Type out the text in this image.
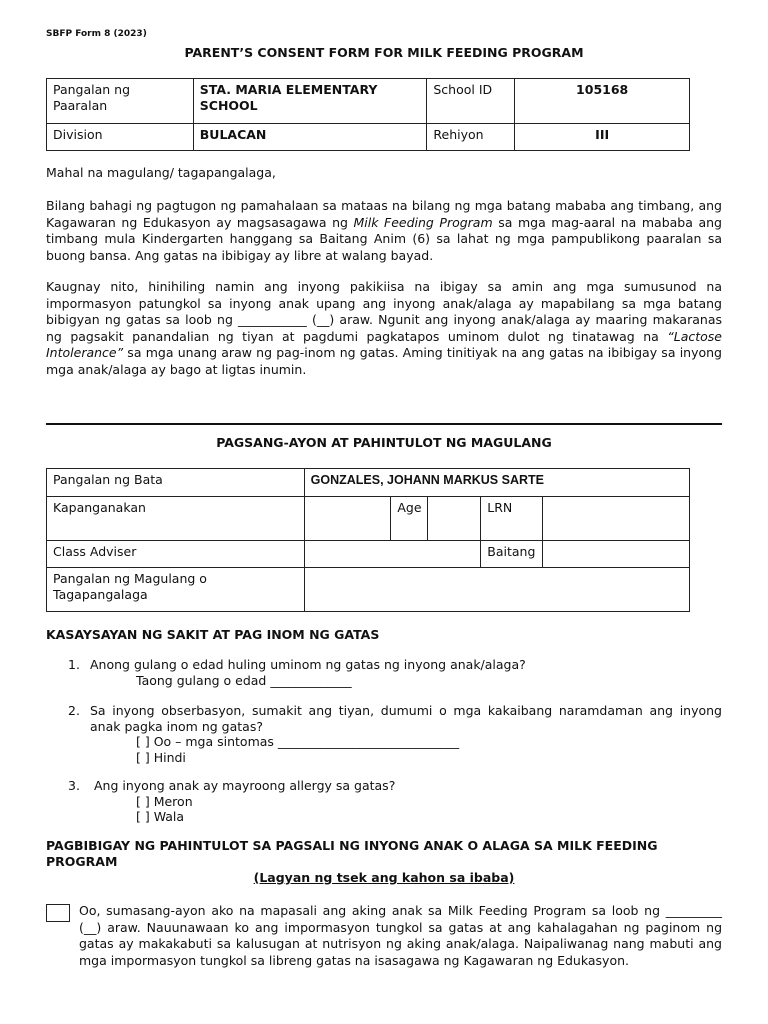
SBFP Form 8 (2023)
PARENT’S CONSENT FORM FOR MILK FEEDING PROGRAM
Pangalan ng Paaralan	STA. MARIA ELEMENTARY SCHOOL	School ID	105168
Division	BULACAN	Rehiyon	III

Mahal na magulang/ tagapangalaga,

Bilang bahagi ng pagtugon ng pamahalaan sa mataas na bilang ng mga batang mababa ang timbang, ang Kagawaran ng Edukasyon ay magsasagawa ng Milk Feeding Program sa mga mag-aaral na mababa ang timbang mula Kindergarten hanggang sa Baitang Anim (6) sa lahat ng mga pampublikong paaralan sa buong bansa. Ang gatas na ibibigay ay libre at walang bayad.

Kaugnay nito, hinihiling namin ang inyong pakikiisa na ibigay sa amin ang mga sumusunod na impormasyon patungkol sa inyong anak upang ang inyong anak/alaga ay mapabilang sa mga batang bibigyan ng gatas sa loob ng ___________ (__) araw. Ngunit ang inyong anak/alaga ay maaring makaranas ng pagsakit panandalian ng tiyan at pagdumi pagkatapos uminom dulot ng tinatawag na “Lactose Intolerance” sa mga unang araw ng pag-inom ng gatas. Aming tinitiyak na ang gatas na ibibigay sa inyong mga anak/alaga ay bago at ligtas inumin.

PAGSANG-AYON AT PAHINTULOT NG MAGULANG
Pangalan ng Bata	GONZALES, JOHANN MARKUS SARTE				
Kapanganakan		Age		LRN	
Class Adviser				Baitang	
Pangalan ng Magulang o Tagapangalaga					
KASAYSAYAN NG SAKIT AT PAG INOM NG GATAS
1. Anong gulang o edad huling uminom ng gatas ng inyong anak/alaga?
Taong gulang o edad _____________
2. Sa inyong obserbasyon, sumakit ang tiyan, dumumi o mga kakaibang naramdaman ang inyong anak pagka inom ng gatas?
[ ] Oo – mga sintomas _____________________________
[ ] Hindi
3. Ang inyong anak ay mayroong allergy sa gatas?
[ ] Meron
[ ] Wala
PAGBIBIGAY NG PAHINTULOT SA PAGSALI NG INYONG ANAK O ALAGA SA MILK FEEDING PROGRAM
(Lagyan ng tsek ang kahon sa ibaba)
Oo, sumasang-ayon ako na mapasali ang aking anak sa Milk Feeding Program sa loob ng _________ (__) araw. Nauunawaan ko ang impormasyon tungkol sa gatas at ang kahalagahan ng paginom ng gatas ay makakabuti sa kalusugan at nutrisyon ng aking anak/alaga. Naipaliwanag nang mabuti ang mga impormasyon tungkol sa libreng gatas na isasagawa ng Kagawaran ng Edukasyon.
